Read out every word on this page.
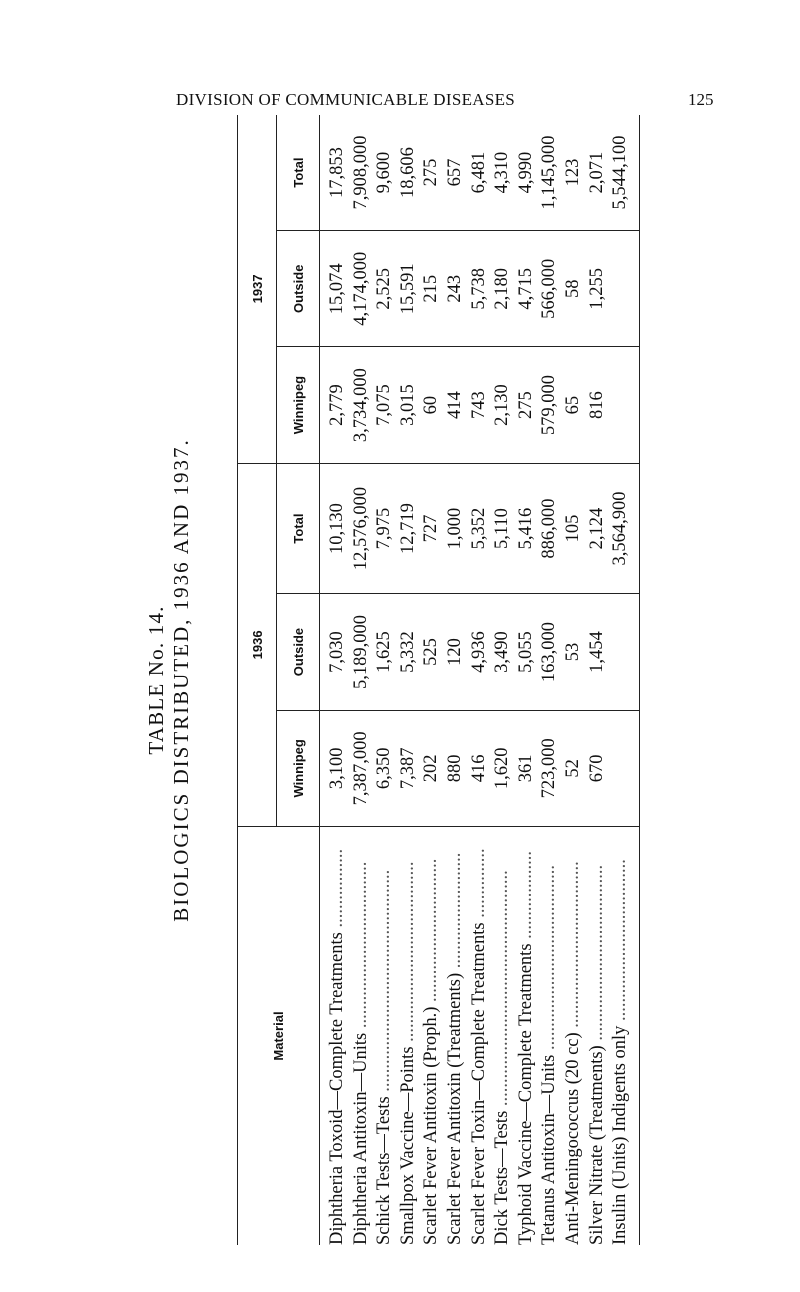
DIVISION OF COMMUNICABLE DISEASES	125
TABLE No. 14. BIOLOGICS DISTRIBUTED, 1936 AND 1937.
Material	1936			1937		
	Winnipeg	Outside	Total	Winnipeg	Outside	Total
Diphtheria Toxoid—Complete Treatments .................	3,100	7,030	10,130	2,779	15,074	17,853
Diphtheria Antitoxin—Units ....................................	7,387,000	5,189,000	12,576,000	3,734,000	4,174,000	7,908,000
Schick Tests—Tests ................................................	6,350	1,625	7,975	7,075	2,525	9,600
Smallpox Vaccine—Points .......................................	7,387	5,332	12,719	3,015	15,591	18,606
Scarlet Fever Antitoxin (Proph.) ...............................	202	525	727	60	215	275
Scarlet Fever Antitoxin (Treatments) .........................	880	120	1,000	414	243	657
Scarlet Fever Toxin—Complete Treatments ...............	416	4,936	5,352	743	5,738	6,481
Dick Tests—Tests ...................................................	1,620	3,490	5,110	2,130	2,180	4,310
Typhoid Vaccine—Complete Treatments ...................	361	5,055	5,416	275	4,715	4,990
Tetanus Antitoxin—Units ........................................	723,000	163,000	886,000	579,000	566,000	1,145,000
Anti-Meningococcus (20 cc) ....................................	52	53	105	65	58	123
Silver Nitrate (Treatments) ......................................	670	1,454	2,124	816	1,255	2,071
Insulin (Units) Indigents only ...................................			3,564,900			5,544,100
